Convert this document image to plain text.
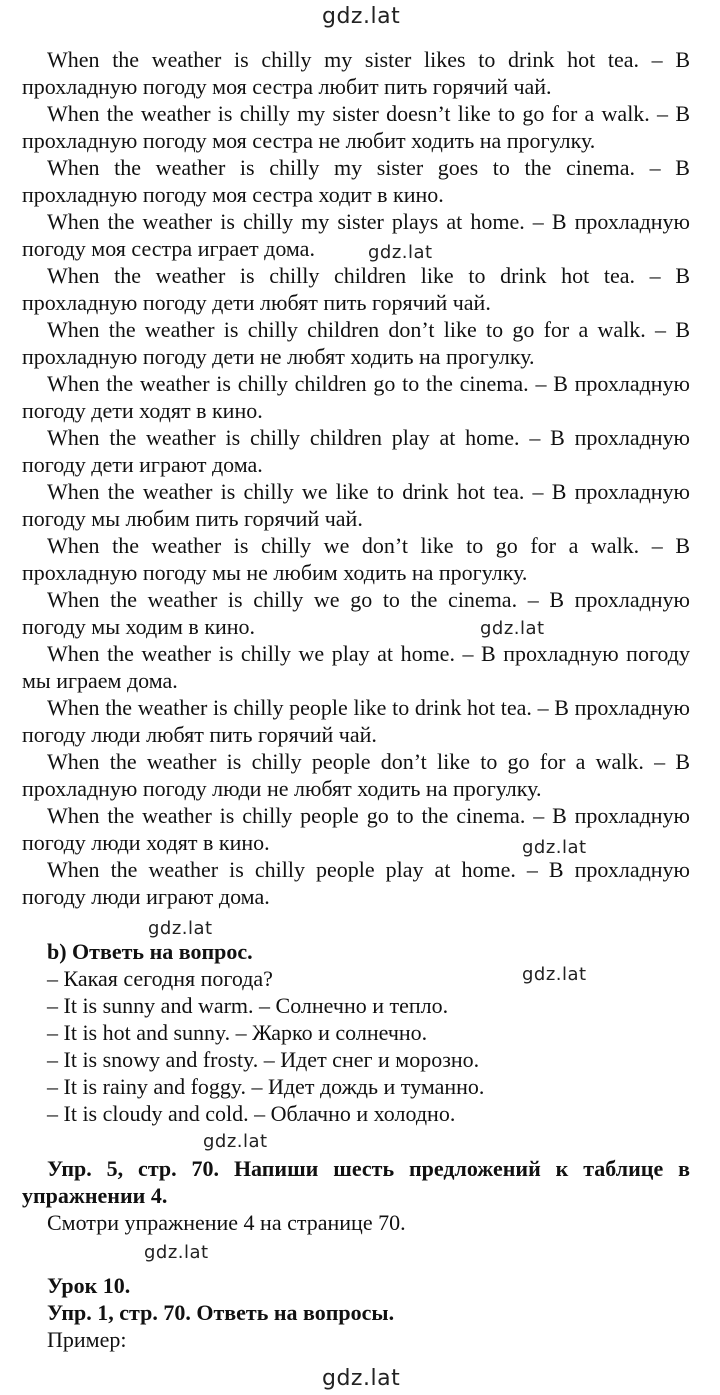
gdz.lat
gdz.lat
gdz.lat
gdz.lat
gdz.lat
gdz.lat
gdz.lat
gdz.lat
gdz.lat

When the weather is chilly my sister likes to drink hot tea. – В прохладную погоду моя сестра любит пить горячий чай.

When the weather is chilly my sister doesn’t like to go for a walk. – В прохладную погоду моя сестра не любит ходить на прогулку.

When the weather is chilly my sister goes to the cinema. – В прохладную погоду моя сестра ходит в кино.

When the weather is chilly my sister plays at home. – В прохладную погоду моя сестра играет дома.

When the weather is chilly children like to drink hot tea. – В прохладную погоду дети любят пить горячий чай.

When the weather is chilly children don’t like to go for a walk. – В прохладную погоду дети не любят ходить на прогулку.

When the weather is chilly children go to the cinema. – В прохладную погоду дети ходят в кино.

When the weather is chilly children play at home. – В прохладную погоду дети играют дома.

When the weather is chilly we like to drink hot tea. – В прохладную погоду мы любим пить горячий чай.

When the weather is chilly we don’t like to go for a walk. – В прохладную погоду мы не любим ходить на прогулку.

When the weather is chilly we go to the cinema. – В прохладную погоду мы ходим в кино.

When the weather is chilly we play at home. – В прохладную погоду мы играем дома.

When the weather is chilly people like to drink hot tea. – В прохладную погоду люди любят пить горячий чай.

When the weather is chilly people don’t like to go for a walk. – В прохладную погоду люди не любят ходить на прогулку.

When the weather is chilly people go to the cinema. – В прохладную погоду люди ходят в кино.

When the weather is chilly people play at home. – В прохладную погоду люди играют дома.

b) Ответь на вопрос.

– Какая сегодня погода?

– It is sunny and warm. – Солнечно и тепло.

– It is hot and sunny. – Жарко и солнечно.

– It is snowy and frosty. – Идет снег и морозно.

– It is rainy and foggy. – Идет дождь и туманно.

– It is cloudy and cold. – Облачно и холодно.

Упр. 5, стр. 70. Напиши шесть предложений к таблице в упражнении 4.

Смотри упражнение 4 на странице 70.

Урок 10.

Упр. 1, стр. 70. Ответь на вопросы.

Пример:
